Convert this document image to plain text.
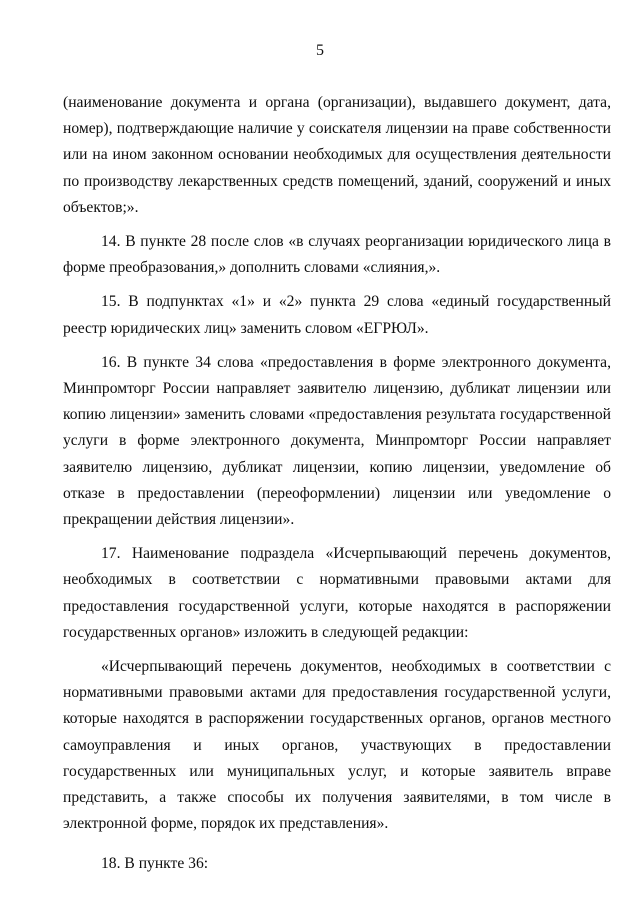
5

(наименование документа и органа (организации), выдавшего документ, дата, номер), подтверждающие наличие у соискателя лицензии на праве собственности или на ином законном основании необходимых для осуществления деятельности по производству лекарственных средств помещений, зданий, сооружений и иных объектов;».

14. В пункте 28 после слов «в случаях реорганизации юридического лица в форме преобразования,» дополнить словами «слияния,».

15. В подпунктах «1» и «2» пункта 29 слова «единый государственный реестр юридических лиц» заменить словом «ЕГРЮЛ».

16. В пункте 34 слова «предоставления в форме электронного документа, Минпромторг России направляет заявителю лицензию, дубликат лицензии или копию лицензии» заменить словами «предоставления результата государственной услуги в форме электронного документа, Минпромторг России направляет заявителю лицензию, дубликат лицензии, копию лицензии, уведомление об отказе в предоставлении (переоформлении) лицензии или уведомление о прекращении действия лицензии».

17. Наименование подраздела «Исчерпывающий перечень документов, необходимых в соответствии с нормативными правовыми актами для предоставления государственной услуги, которые находятся в распоряжении государственных органов» изложить в следующей редакции:

«Исчерпывающий перечень документов, необходимых в соответствии с нормативными правовыми актами для предоставления государственной услуги, которые находятся в распоряжении государственных органов, органов местного самоуправления и иных органов, участвующих в предоставлении государственных или муниципальных услуг, и которые заявитель вправе представить, а также способы их получения заявителями, в том числе в электронной форме, порядок их представления».

18. В пункте 36:
